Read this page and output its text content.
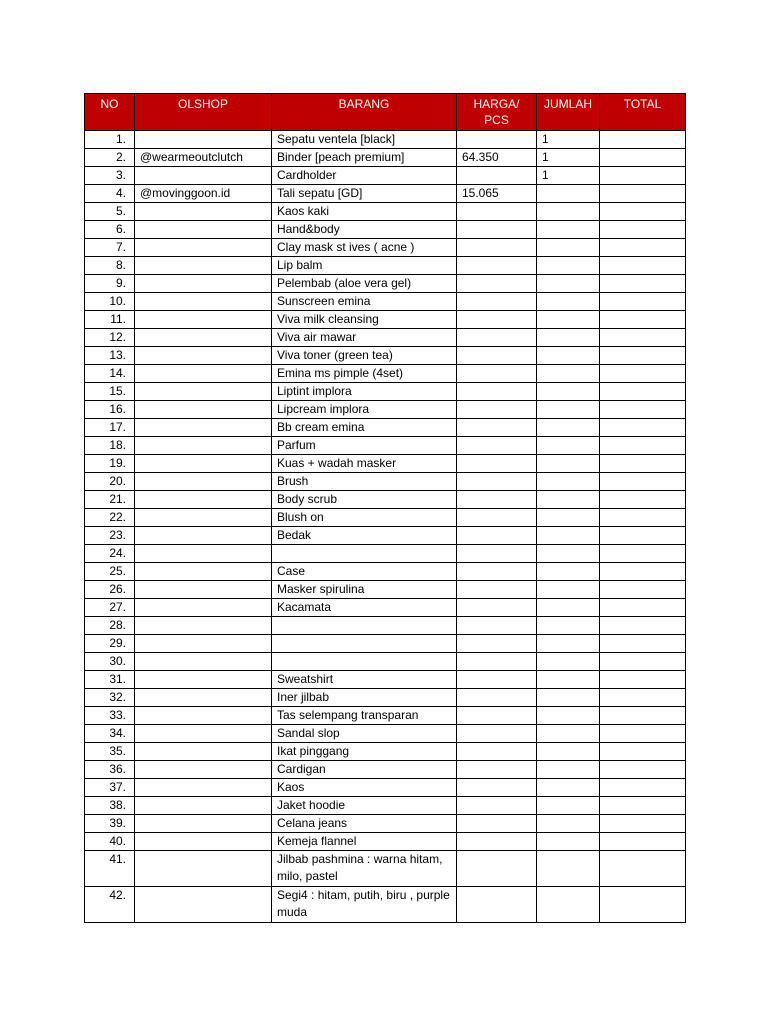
NO	OLSHOP	BARANG	HARGA/ PCS	JUMLAH	TOTAL
1.		Sepatu ventela [black]		1	
2.	@wearmeoutclutch	Binder [peach premium]	64.350	1	
3.		Cardholder		1	
4.	@movinggoon.id	Tali sepatu [GD]	15.065		
5.		Kaos kaki			
6.		Hand&body			
7.		Clay mask st ives ( acne )			
8.		Lip balm			
9.		Pelembab (aloe vera gel)			
10.		Sunscreen emina			
11.		Viva milk cleansing			
12.		Viva air mawar			
13.		Viva toner (green tea)			
14.		Emina ms pimple (4set)			
15.		Liptint implora			
16.		Lipcream implora			
17.		Bb cream emina			
18.		Parfum			
19.		Kuas + wadah masker			
20.		Brush			
21.		Body scrub			
22.		Blush on			
23.		Bedak			
24.					
25.		Case			
26.		Masker spirulina			
27.		Kacamata			
28.					
29.					
30.					
31.		Sweatshirt			
32.		Iner jilbab			
33.		Tas selempang transparan			
34.		Sandal slop			
35.		Ikat pinggang			
36.		Cardigan			
37.		Kaos			
38.		Jaket hoodie			
39.		Celana jeans			
40.		Kemeja flannel			
41.		Jilbab pashmina : warna hitam, milo, pastel			
42.		Segi4 : hitam, putih, biru , purple muda			
